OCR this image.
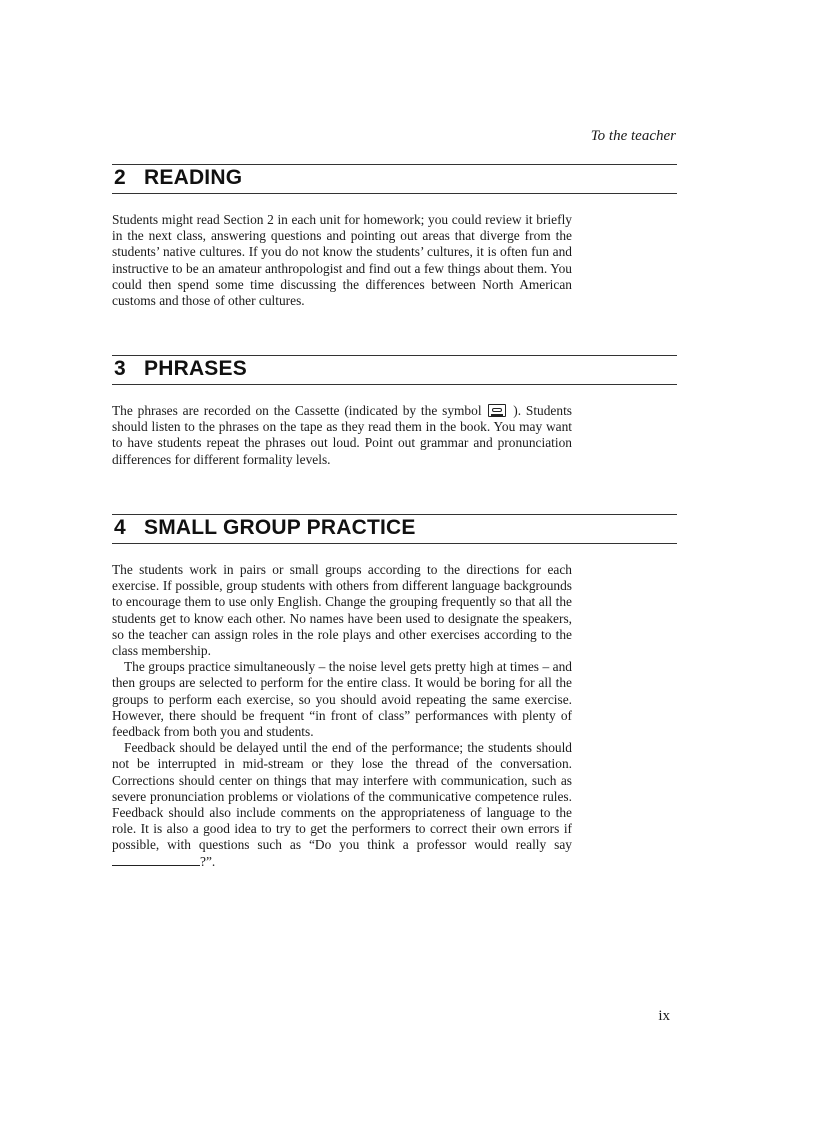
To the teacher
2 READING

Students might read Section 2 in each unit for homework; you could review it briefly in the next class, answering questions and pointing out areas that diverge from the students’ native cultures. If you do not know the students’ cultures, it is often fun and instructive to be an amateur anthropologist and find out a few things about them. You could then spend some time discussing the differences between North American customs and those of other cultures.

3 PHRASES

The phrases are recorded on the Cassette (indicated by the symbol ). Students should listen to the phrases on the tape as they read them in the book. You may want to have students repeat the phrases out loud. Point out grammar and pronunciation differences for different formality levels.

4 SMALL GROUP PRACTICE

The students work in pairs or small groups according to the directions for each exercise. If possible, group students with others from different language backgrounds to encourage them to use only English. Change the grouping frequently so that all the students get to know each other. No names have been used to designate the speakers, so the teacher can assign roles in the role plays and other exercises according to the class membership.

The groups practice simultaneously – the noise level gets pretty high at times – and then groups are selected to perform for the entire class. It would be boring for all the groups to perform each exercise, so you should avoid repeating the same exercise. However, there should be frequent “in front of class” performances with plenty of feedback from both you and students.

Feedback should be delayed until the end of the performance; the students should not be interrupted in mid-stream or they lose the thread of the conversation. Corrections should center on things that may interfere with communication, such as severe pronunciation problems or violations of the communicative competence rules. Feedback should also include comments on the appropriateness of language to the role. It is also a good idea to try to get the performers to correct their own errors if possible, with questions such as “Do you think a professor would really say ?”.

ix
